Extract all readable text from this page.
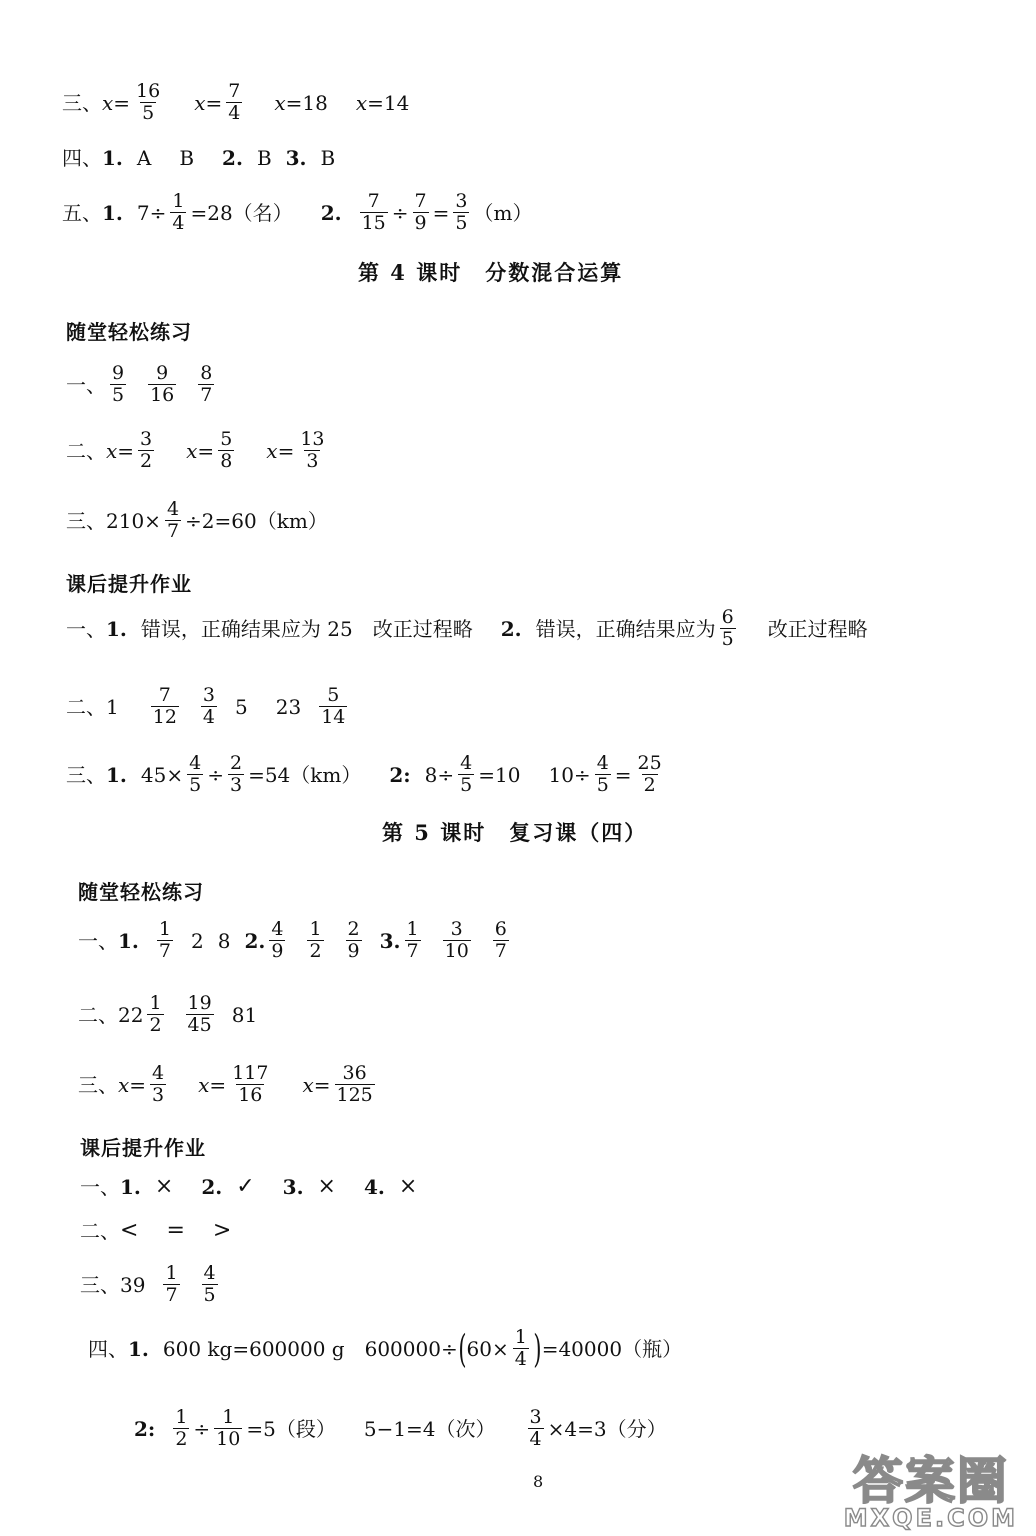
三、 $x = \frac{16}{5}$ $x = \frac{7}{4}$ x = 18 x = 14
四、 1. A B 2. B 3. B
五、 1. $7\div \frac{1}{4} =28$（名） 2. $\frac{7}{15} \div \frac{7}{9} = \frac{3}{5} (m)$
第 4 课时　分数混合运算
随堂轻松练习
一、 $\frac{9}{5} \frac{9}{16} \frac{8}{7}$
二、 $x = \frac{3}{2}$ $x = \frac{5}{8}$ $x = \frac{13}{3}$
三、 $210\times \frac{4}{7} \div 2=60(km)$
课后提升作业
一、 1. 错误，正确结果应为 25　改正过程略 2. 错误，正确结果应为 $\frac{6}{5}$ 改正过程略
二、 $1 \frac{7}{12} \frac{3}{4} 5$ $23 \frac{5}{14}$
三、 1. $45\times \frac{4}{5} \div \frac{2}{3} =54(km)$ 2: $8\div \frac{4}{5} =10$ $10\div \frac{4}{5} = \frac{25}{2}$
第 5 课时　复习课（四）
随堂轻松练习
一、 1. $\frac{1}{7} 2$ 8 2. $\frac{4}{9} \frac{1}{2} \frac{2}{9} 3$. $\frac{1}{7} \frac{3}{10} \frac{6}{7}$
二、 $22 \frac{1}{2} \frac{19}{45} 81$
三、 $x = \frac{4}{3}$ $x = \frac{117}{16}$ $x = \frac{36}{125}$
课后提升作业
一、 1. × 2. ✓ 3. × 4. ×
二、 < = >
三、 $39 \frac{1}{7} \frac{4}{5}$
四、 1. 600 kg=600000 g　600000÷ ( $60\times \frac{1}{4}$ ) =40000（瓶）
2: $\frac{1}{2} \div \frac{1}{10} =5$（段） 5−1=4（次） $\frac{3}{4} \times 4=3$（分）
8	答案圈
MXQE.COM
